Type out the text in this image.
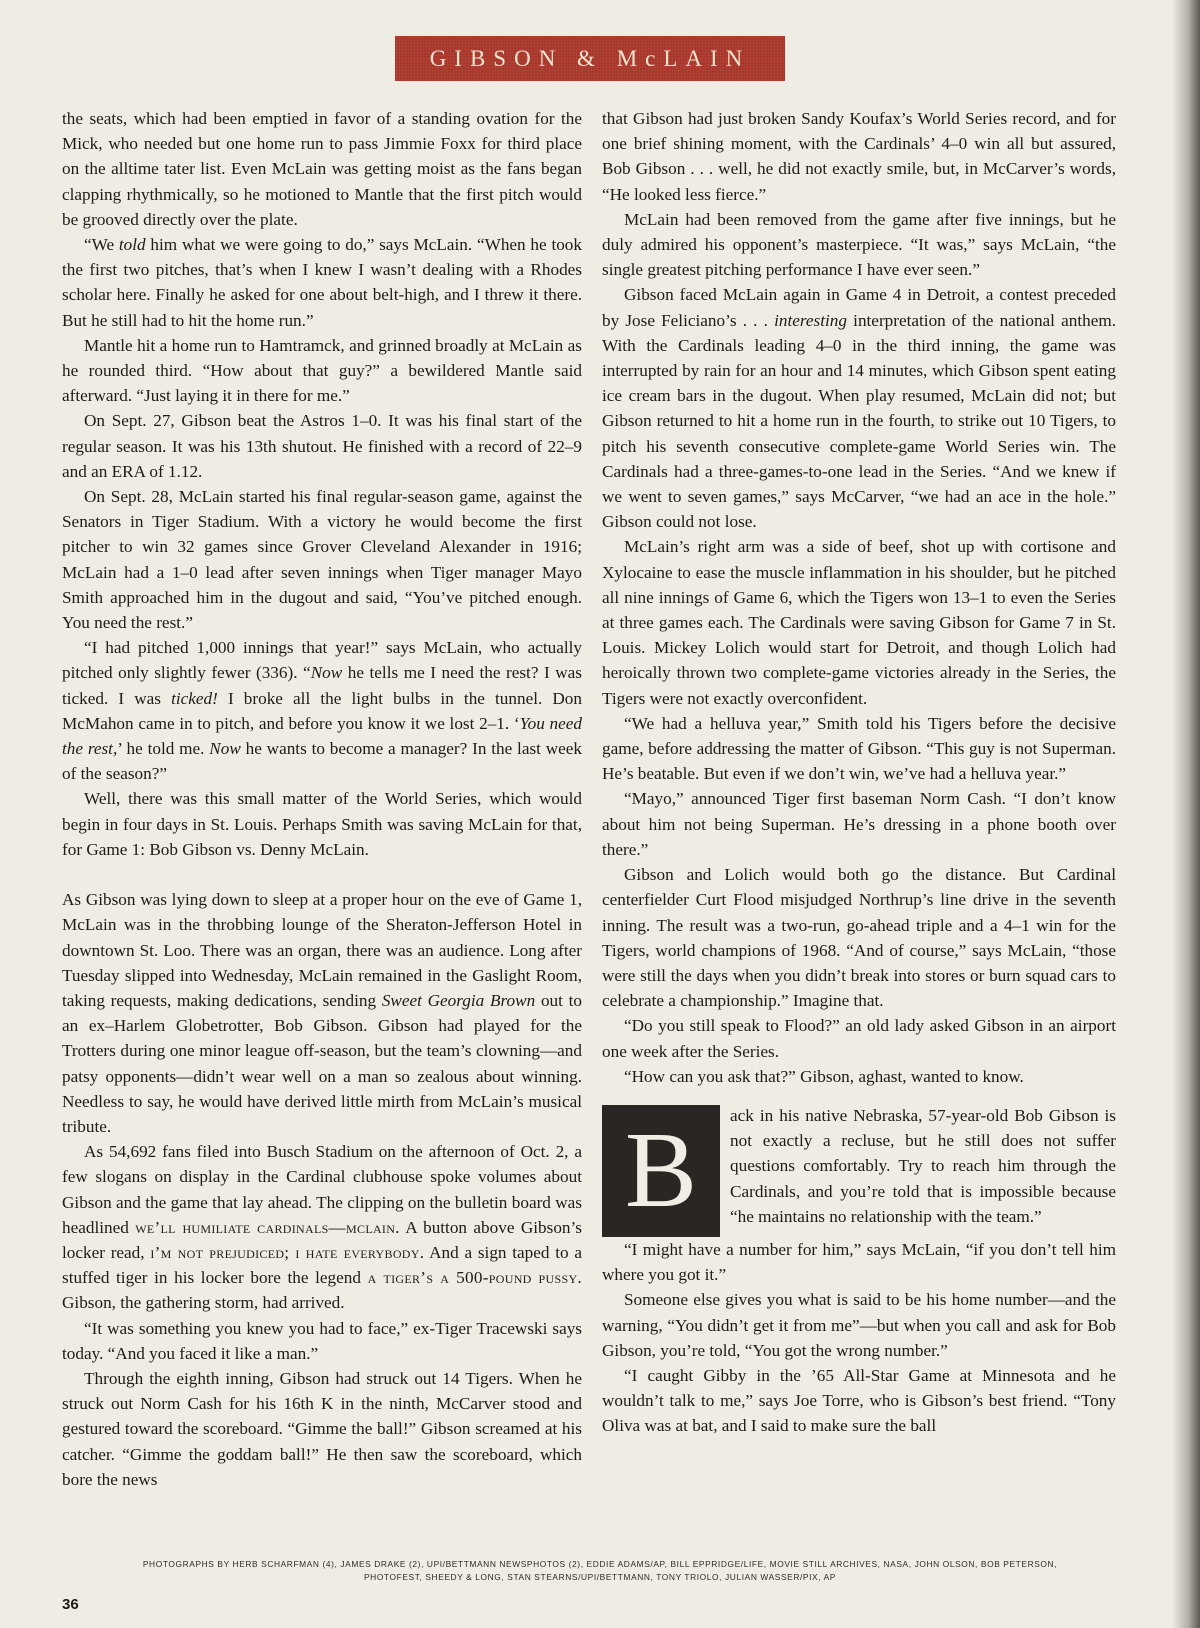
GIBSON & McLAIN

the seats, which had been emptied in favor of a standing ovation for the Mick, who needed but one home run to pass Jimmie Foxx for third place on the alltime tater list. Even McLain was getting moist as the fans began clapping rhythmically, so he motioned to Mantle that the first pitch would be grooved directly over the plate.

“We told him what we were going to do,” says McLain. “When he took the first two pitches, that’s when I knew I wasn’t dealing with a Rhodes scholar here. Finally he asked for one about belt-high, and I threw it there. But he still had to hit the home run.”

Mantle hit a home run to Hamtramck, and grinned broadly at McLain as he rounded third. “How about that guy?” a bewildered Mantle said afterward. “Just laying it in there for me.”

On Sept. 27, Gibson beat the Astros 1–0. It was his final start of the regular season. It was his 13th shutout. He finished with a record of 22–9 and an ERA of 1.12.

On Sept. 28, McLain started his final regular-season game, against the Senators in Tiger Stadium. With a victory he would become the first pitcher to win 32 games since Grover Cleveland Alexander in 1916; McLain had a 1–0 lead after seven innings when Tiger manager Mayo Smith approached him in the dugout and said, “You’ve pitched enough. You need the rest.”

“I had pitched 1,000 innings that year!” says McLain, who actually pitched only slightly fewer (336). “Now he tells me I need the rest? I was ticked. I was ticked! I broke all the light bulbs in the tunnel. Don McMahon came in to pitch, and before you know it we lost 2–1. ‘You need the rest,’ he told me. Now he wants to become a manager? In the last week of the season?”

Well, there was this small matter of the World Series, which would begin in four days in St. Louis. Perhaps Smith was saving McLain for that, for Game 1: Bob Gibson vs. Denny McLain.

As Gibson was lying down to sleep at a proper hour on the eve of Game 1, McLain was in the throbbing lounge of the Sheraton-Jefferson Hotel in downtown St. Loo. There was an organ, there was an audience. Long after Tuesday slipped into Wednesday, McLain remained in the Gaslight Room, taking requests, making dedications, sending Sweet Georgia Brown out to an ex–Harlem Globetrotter, Bob Gibson. Gibson had played for the Trotters during one minor league off-season, but the team’s clowning—and patsy opponents—didn’t wear well on a man so zealous about winning. Needless to say, he would have derived little mirth from McLain’s musical tribute.

As 54,692 fans filed into Busch Stadium on the afternoon of Oct. 2, a few slogans on display in the Cardinal clubhouse spoke volumes about Gibson and the game that lay ahead. The clipping on the bulletin board was headlined we’ll humiliate cardinals—mclain. A button above Gibson’s locker read, i’m not prejudiced; i hate everybody. And a sign taped to a stuffed tiger in his locker bore the legend a tiger’s a 500-pound pussy. Gibson, the gathering storm, had arrived.

“It was something you knew you had to face,” ex-Tiger Tracewski says today. “And you faced it like a man.”

Through the eighth inning, Gibson had struck out 14 Tigers. When he struck out Norm Cash for his 16th K in the ninth, McCarver stood and gestured toward the scoreboard. “Gimme the ball!” Gibson screamed at his catcher. “Gimme the goddam ball!” He then saw the scoreboard, which bore the news

that Gibson had just broken Sandy Koufax’s World Series record, and for one brief shining moment, with the Cardinals’ 4–0 win all but assured, Bob Gibson . . . well, he did not exactly smile, but, in McCarver’s words, “He looked less fierce.”

McLain had been removed from the game after five innings, but he duly admired his opponent’s masterpiece. “It was,” says McLain, “the single greatest pitching performance I have ever seen.”

Gibson faced McLain again in Game 4 in Detroit, a contest preceded by Jose Feliciano’s . . . interesting interpretation of the national anthem. With the Cardinals leading 4–0 in the third inning, the game was interrupted by rain for an hour and 14 minutes, which Gibson spent eating ice cream bars in the dugout. When play resumed, McLain did not; but Gibson returned to hit a home run in the fourth, to strike out 10 Tigers, to pitch his seventh consecutive complete-game World Series win. The Cardinals had a three-games-to-one lead in the Series. “And we knew if we went to seven games,” says McCarver, “we had an ace in the hole.” Gibson could not lose.

McLain’s right arm was a side of beef, shot up with cortisone and Xylocaine to ease the muscle inflammation in his shoulder, but he pitched all nine innings of Game 6, which the Tigers won 13–1 to even the Series at three games each. The Cardinals were saving Gibson for Game 7 in St. Louis. Mickey Lolich would start for Detroit, and though Lolich had heroically thrown two complete-game victories already in the Series, the Tigers were not exactly overconfident.

“We had a helluva year,” Smith told his Tigers before the decisive game, before addressing the matter of Gibson. “This guy is not Superman. He’s beatable. But even if we don’t win, we’ve had a helluva year.”

“Mayo,” announced Tiger first baseman Norm Cash. “I don’t know about him not being Superman. He’s dressing in a phone booth over there.”

Gibson and Lolich would both go the distance. But Cardinal centerfielder Curt Flood misjudged Northrup’s line drive in the seventh inning. The result was a two-run, go-ahead triple and a 4–1 win for the Tigers, world champions of 1968. “And of course,” says McLain, “those were still the days when you didn’t break into stores or burn squad cars to celebrate a championship.” Imagine that.

“Do you still speak to Flood?” an old lady asked Gibson in an airport one week after the Series.

“How can you ask that?” Gibson, aghast, wanted to know.

B	ack in his native Nebraska, 57-year-old Bob Gibson is not exactly a recluse, but he still does not suffer questions comfortably. Try to reach him through the Cardinals, and you’re told that is impossible because “he maintains no relationship with the team.”

“I might have a number for him,” says McLain, “if you don’t tell him where you got it.”

Someone else gives you what is said to be his home number—and the warning, “You didn’t get it from me”—but when you call and ask for Bob Gibson, you’re told, “You got the wrong number.”

“I caught Gibby in the ’65 All-Star Game at Minnesota and he wouldn’t talk to me,” says Joe Torre, who is Gibson’s best friend. “Tony Oliva was at bat, and I said to make sure the ball

PHOTOGRAPHS BY HERB SCHARFMAN (4), JAMES DRAKE (2), UPI/BETTMANN NEWSPHOTOS (2), EDDIE ADAMS/AP, BILL EPPRIDGE/LIFE, MOVIE STILL ARCHIVES, NASA, JOHN OLSON, BOB PETERSON, PHOTOFEST, SHEEDY & LONG, STAN STEARNS/UPI/BETTMANN, TONY TRIOLO, JULIAN WASSER/PIX, AP
36
